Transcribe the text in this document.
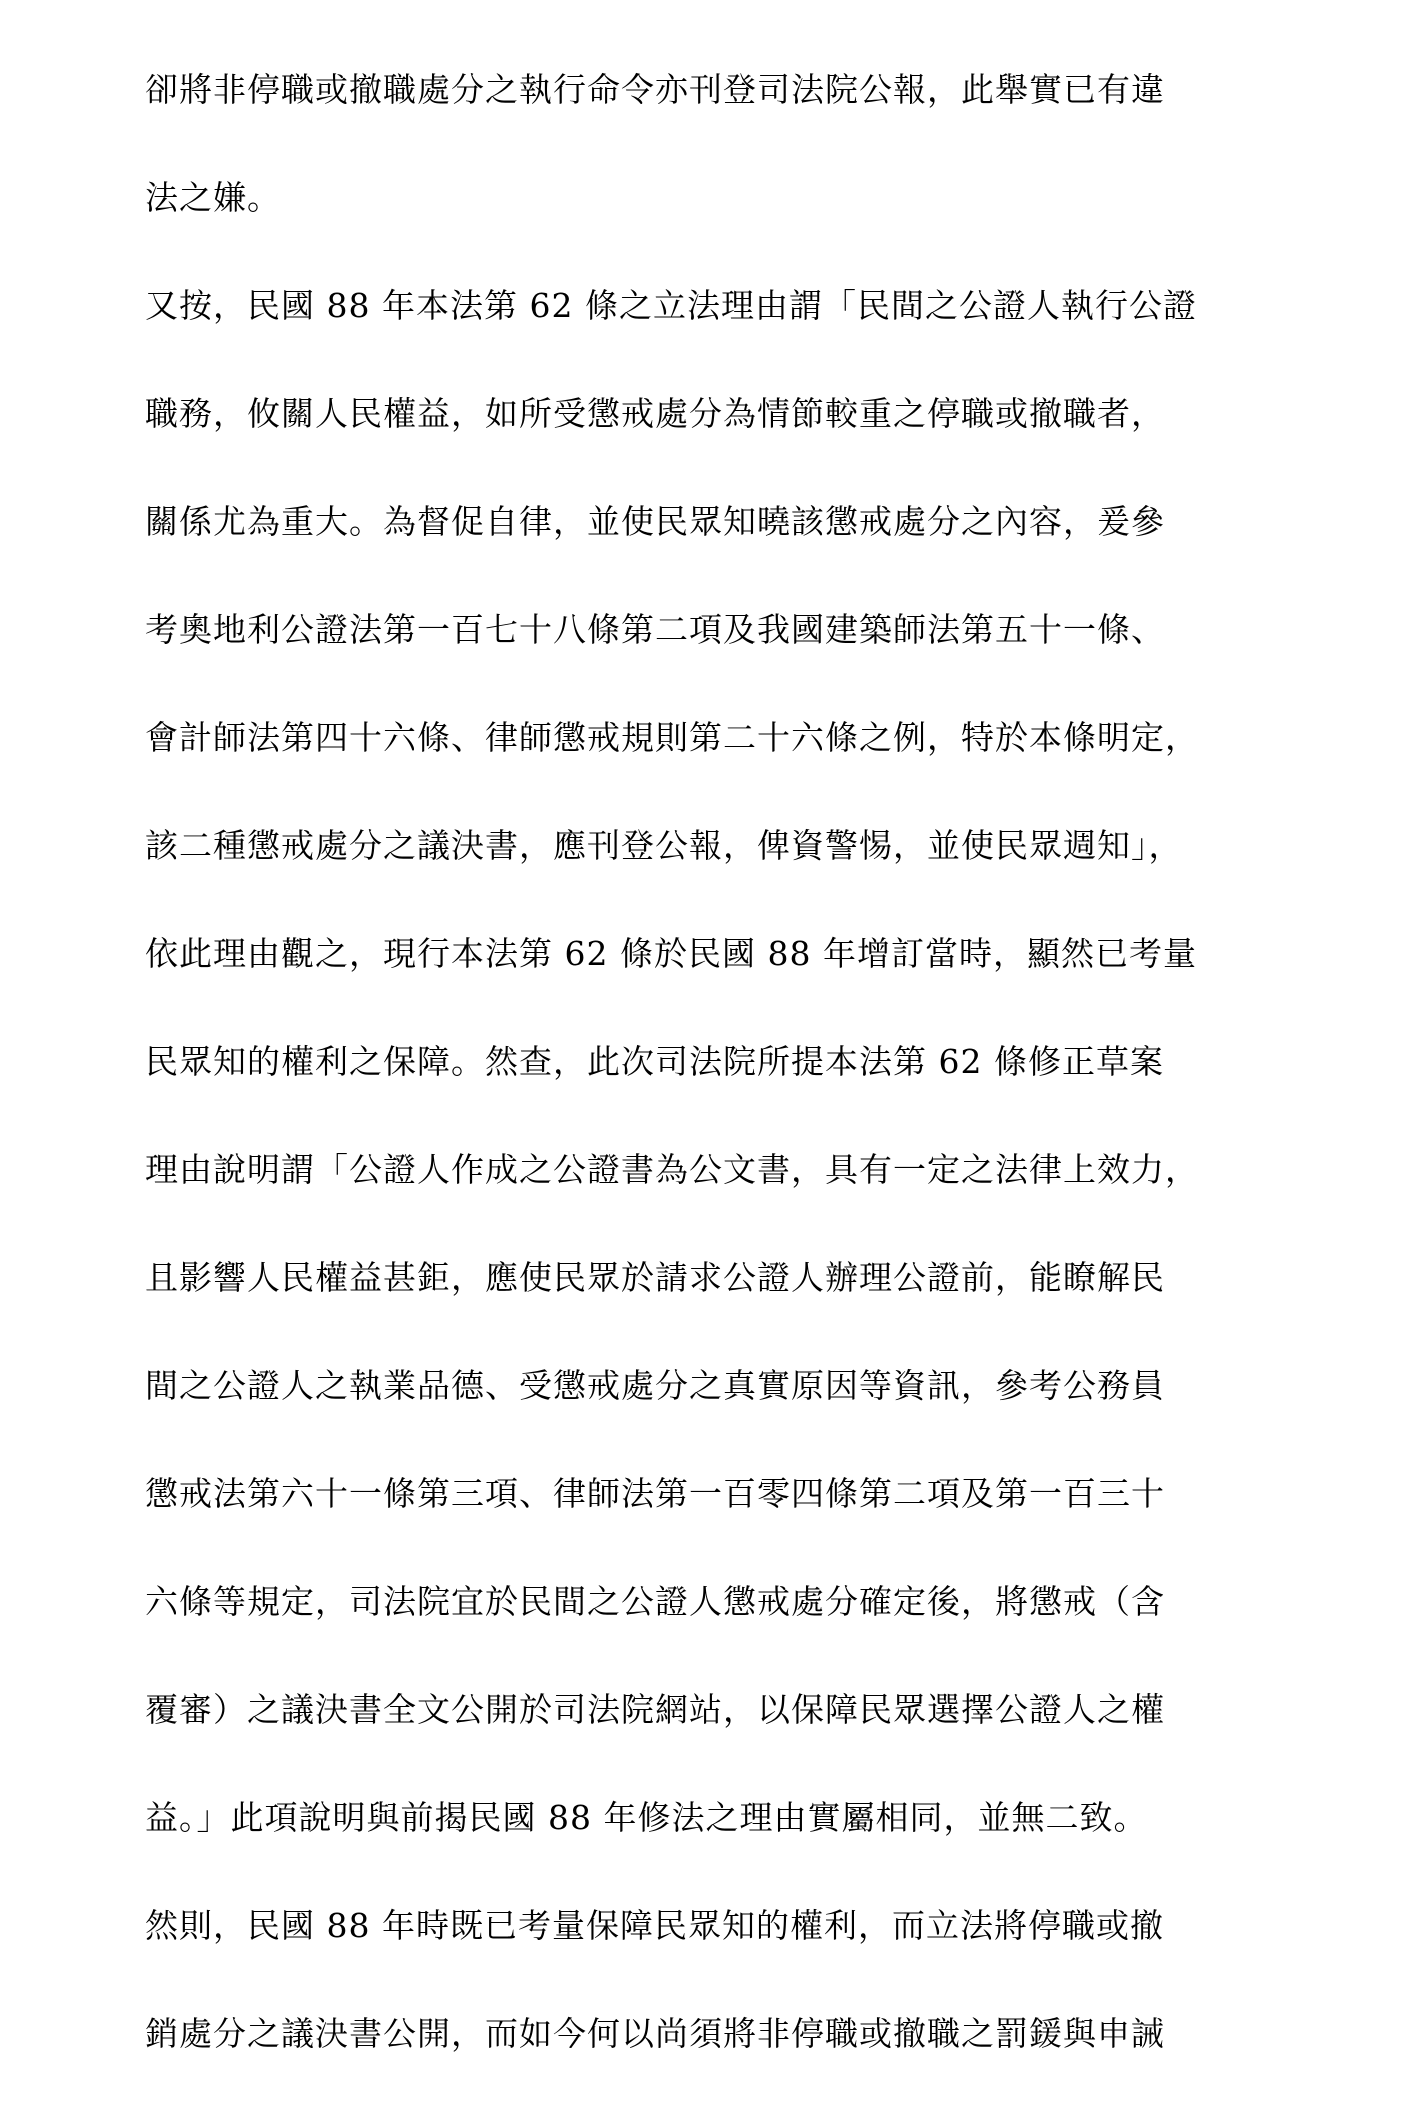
卻將非停職或撤職處分之執行命令亦刊登司法院公報，此舉實已有違
法之嫌。
又按，民國 88 年本法第 62 條之立法理由謂「民間之公證人執行公證
職務，攸關人民權益，如所受懲戒處分為情節較重之停職或撤職者，
關係尤為重大。為督促自律，並使民眾知曉該懲戒處分之內容，爰參
考奧地利公證法第一百七十八條第二項及我國建築師法第五十一條、
會計師法第四十六條、律師懲戒規則第二十六條之例，特於本條明定，
該二種懲戒處分之議決書，應刊登公報，俾資警惕，並使民眾週知」，
依此理由觀之，現行本法第 62 條於民國 88 年增訂當時，顯然已考量
民眾知的權利之保障。然查，此次司法院所提本法第 62 條修正草案
理由說明謂「公證人作成之公證書為公文書，具有一定之法律上效力，
且影響人民權益甚鉅，應使民眾於請求公證人辦理公證前，能瞭解民
間之公證人之執業品德、受懲戒處分之真實原因等資訊，參考公務員
懲戒法第六十一條第三項、律師法第一百零四條第二項及第一百三十
六條等規定，司法院宜於民間之公證人懲戒處分確定後，將懲戒（含
覆審）之議決書全文公開於司法院網站，以保障民眾選擇公證人之權
益。」此項說明與前揭民國 88 年修法之理由實屬相同，並無二致。
然則，民國 88 年時既已考量保障民眾知的權利，而立法將停職或撤
銷處分之議決書公開，而如今何以尚須將非停職或撤職之罰鍰與申誡
